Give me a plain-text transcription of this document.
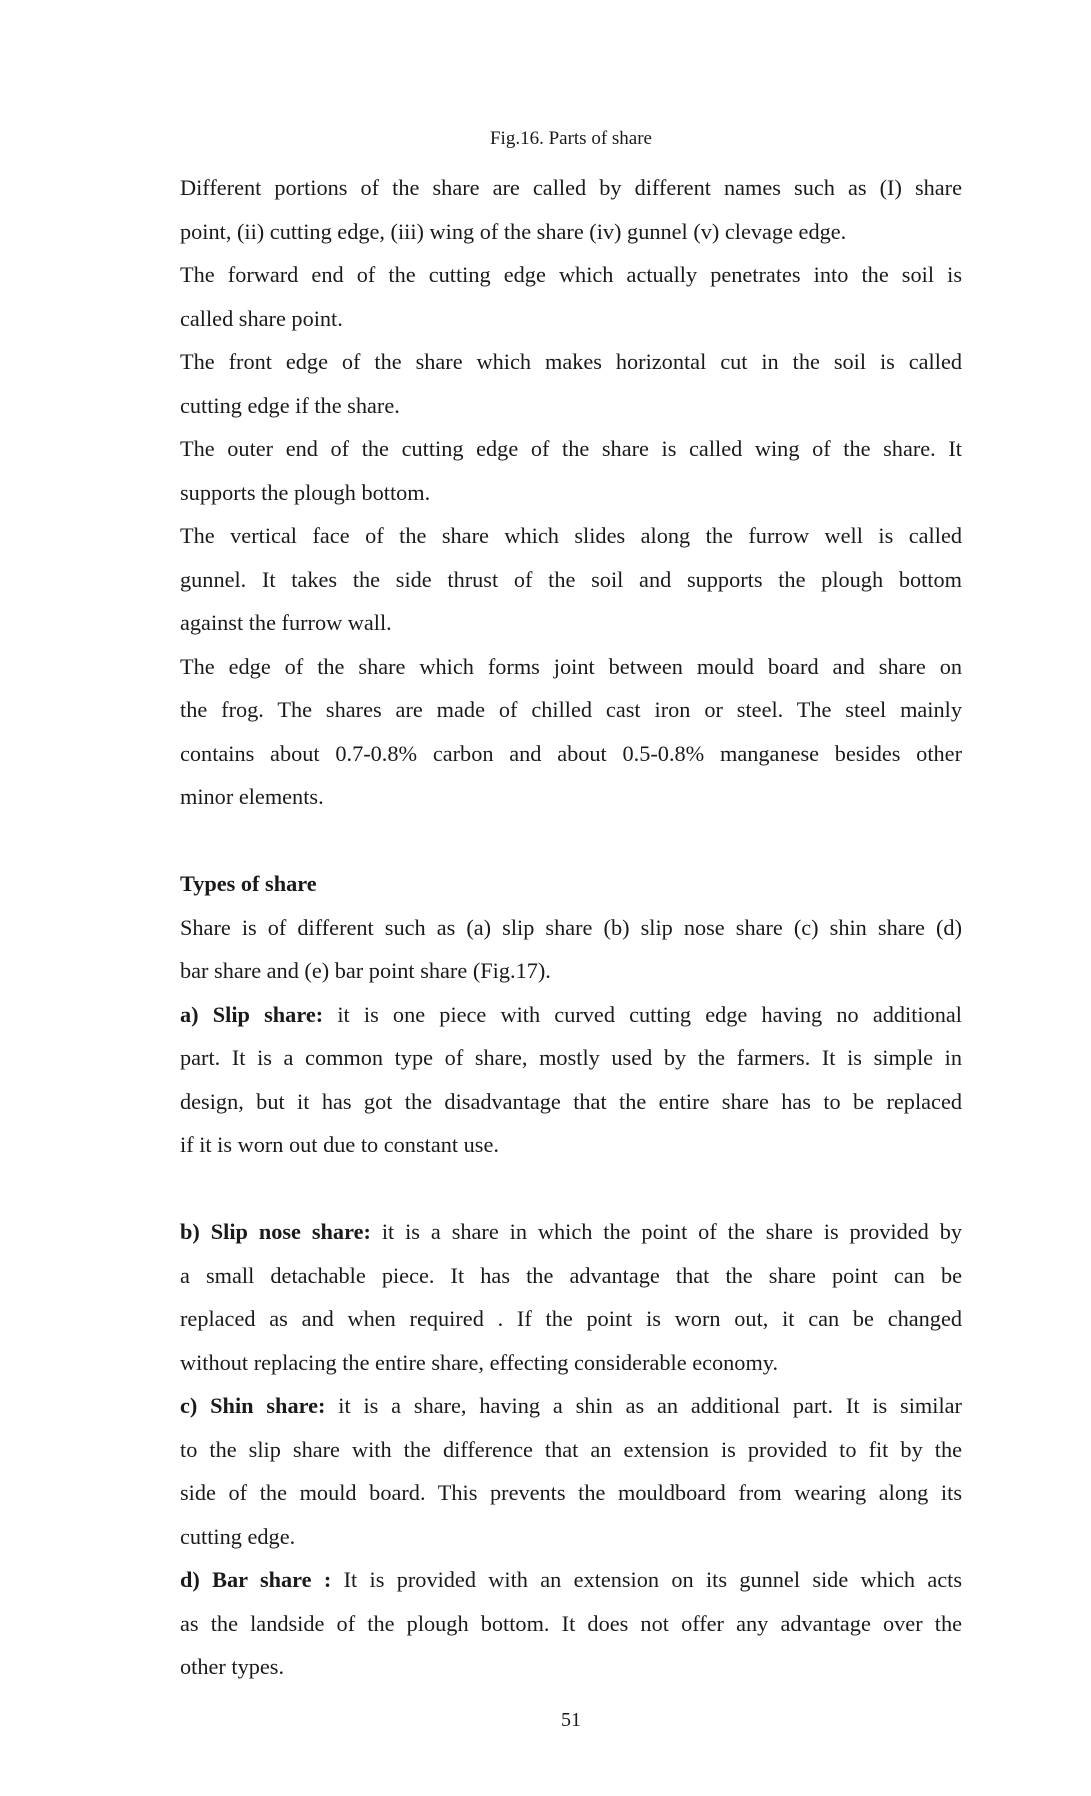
Fig.16. Parts of share
Different portions of the share are called by different names such as (I) share
point, (ii) cutting edge, (iii) wing of the share (iv) gunnel (v) clevage edge.
The forward end of the cutting edge which actually penetrates into the soil is
called share point.
The front edge of the share which makes horizontal cut in the soil is called
cutting edge if the share.
The outer end of the cutting edge of the share is called wing of the share. It
supports the plough bottom.
The vertical face of the share which slides along the furrow well is called
gunnel. It takes the side thrust of the soil and supports the plough bottom
against the furrow wall.
The edge of the share which forms joint between mould board and share on
the frog. The shares are made of chilled cast iron or steel. The steel mainly
contains about 0.7-0.8% carbon and about 0.5-0.8% manganese besides other
minor elements.
Types of share
Share is of different such as (a) slip share (b) slip nose share (c) shin share (d)
bar share and (e) bar point share (Fig.17).
a) Slip share: it is one piece with curved cutting edge having no additional
part. It is a common type of share, mostly used by the farmers. It is simple in
design, but it has got the disadvantage that the entire share has to be replaced
if it is worn out due to constant use.
b) Slip nose share: it is a share in which the point of the share is provided by
a small detachable piece. It has the advantage that the share point can be
replaced as and when required . If the point is worn out, it can be changed
without replacing the entire share, effecting considerable economy.
c) Shin share: it is a share, having a shin as an additional part. It is similar
to the slip share with the difference that an extension is provided to fit by the
side of the mould board. This prevents the mouldboard from wearing along its
cutting edge.
d) Bar share : It is provided with an extension on its gunnel side which acts
as the landside of the plough bottom. It does not offer any advantage over the
other types.
51
